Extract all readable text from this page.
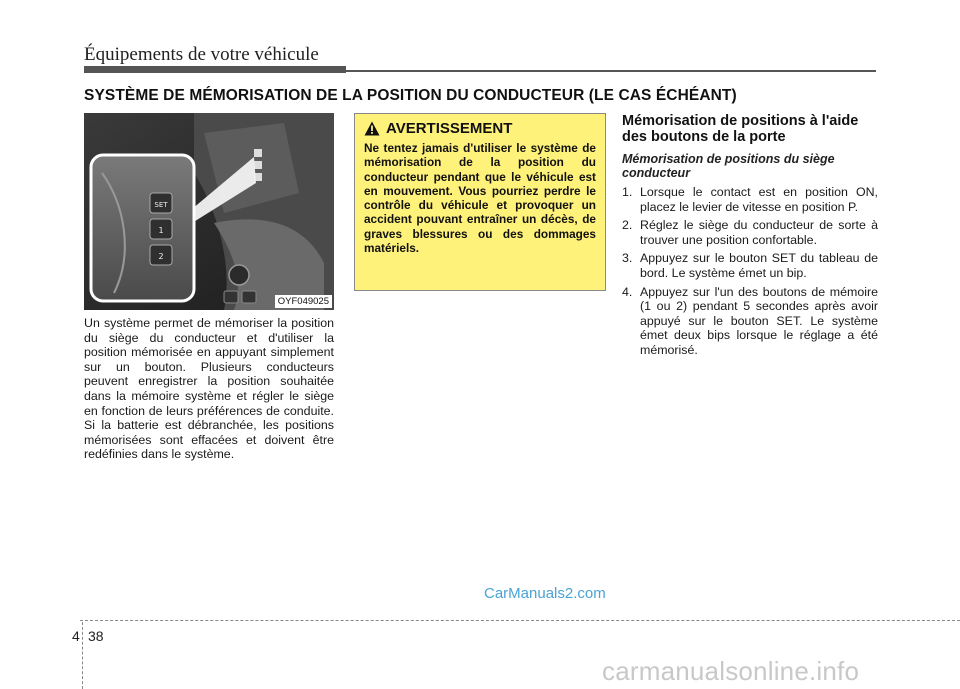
Équipements de votre véhicule
SYSTÈME DE MÉMORISATION DE LA POSITION DU CONDUCTEUR (LE CAS ÉCHÉANT)
SET
1
2
OYF049025
Un système permet de mémoriser la position du siège du conducteur et d'utiliser la position mémorisée en appuyant simplement sur un bouton. Plusieurs conducteurs peuvent enregistrer la position souhaitée dans la mémoire système et régler le siège en fonction de leurs préférences de conduite. Si la batterie est débranchée, les positions mémorisées sont effacées et doivent être redéfinies dans le système.
AVERTISSEMENT
Ne tentez jamais d'utiliser le système de mémorisation de la position du conducteur pendant que le véhicule est en mouvement. Vous pourriez perdre le contrôle du véhicule et provoquer un accident pouvant entraîner un décès, de graves blessures ou des dommages matériels.
Mémorisation de positions à l'aide des boutons de la porte
Mémorisation de positions du siège conducteur
1. Lorsque le contact est en position ON, placez le levier de vitesse en position P.
2. Réglez le siège du conducteur de sorte à trouver une position confortable.
3. Appuyez sur le bouton SET du tableau de bord. Le système émet un bip.
4. Appuyez sur l'un des boutons de mémoire (1 ou 2) pendant 5 secondes après avoir appuyé sur le bouton SET. Le système émet deux bips lorsque le réglage a été mémorisé.
CarManuals2.com
4 38
carmanualsonline.info
